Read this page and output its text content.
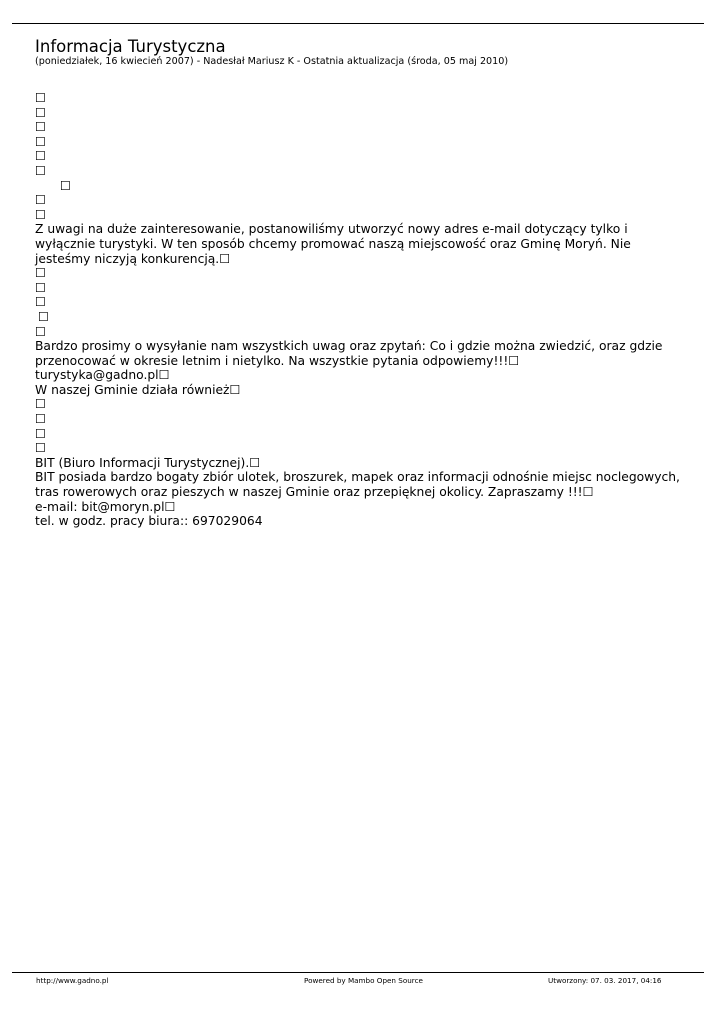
Informacja Turystyczna

(poniedziałek, 16 kwiecień 2007) - Nadesłał Mariusz K - Ostatnia aktualizacja (środa, 05 maj 2010)

☐

☐

☐

☐

☐

☐

☐

☐

☐

Z uwagi na duże zainteresowanie, postanowiliśmy utworzyć nowy adres e-mail dotyczący tylko i

wyłącznie turystyki. W ten sposób chcemy promować naszą miejscowość oraz Gminę Moryń. Nie

jesteśmy niczyją konkurencją.☐

☐

☐

☐

☐

☐

Bardzo prosimy o wysyłanie nam wszystkich uwag oraz zpytań: Co i gdzie można zwiedzić, oraz gdzie

przenocować w okresie letnim i nietylko. Na wszystkie pytania odpowiemy!!!☐

turystyka@gadno.pl☐

W naszej Gminie działa również☐

☐

☐

☐

☐

BIT (Biuro Informacji Turystycznej).☐

BIT posiada bardzo bogaty zbiór ulotek, broszurek, mapek oraz informacji odnośnie miejsc noclegowych,

tras rowerowych oraz pieszych w naszej Gminie oraz przepięknej okolicy. Zapraszamy !!!☐

e-mail: bit@moryn.pl☐

tel. w godz. pracy biura:: 697029064

http://www.gadno.pl	Powered by Mambo Open Source	Utworzony: 07. 03. 2017, 04:16
